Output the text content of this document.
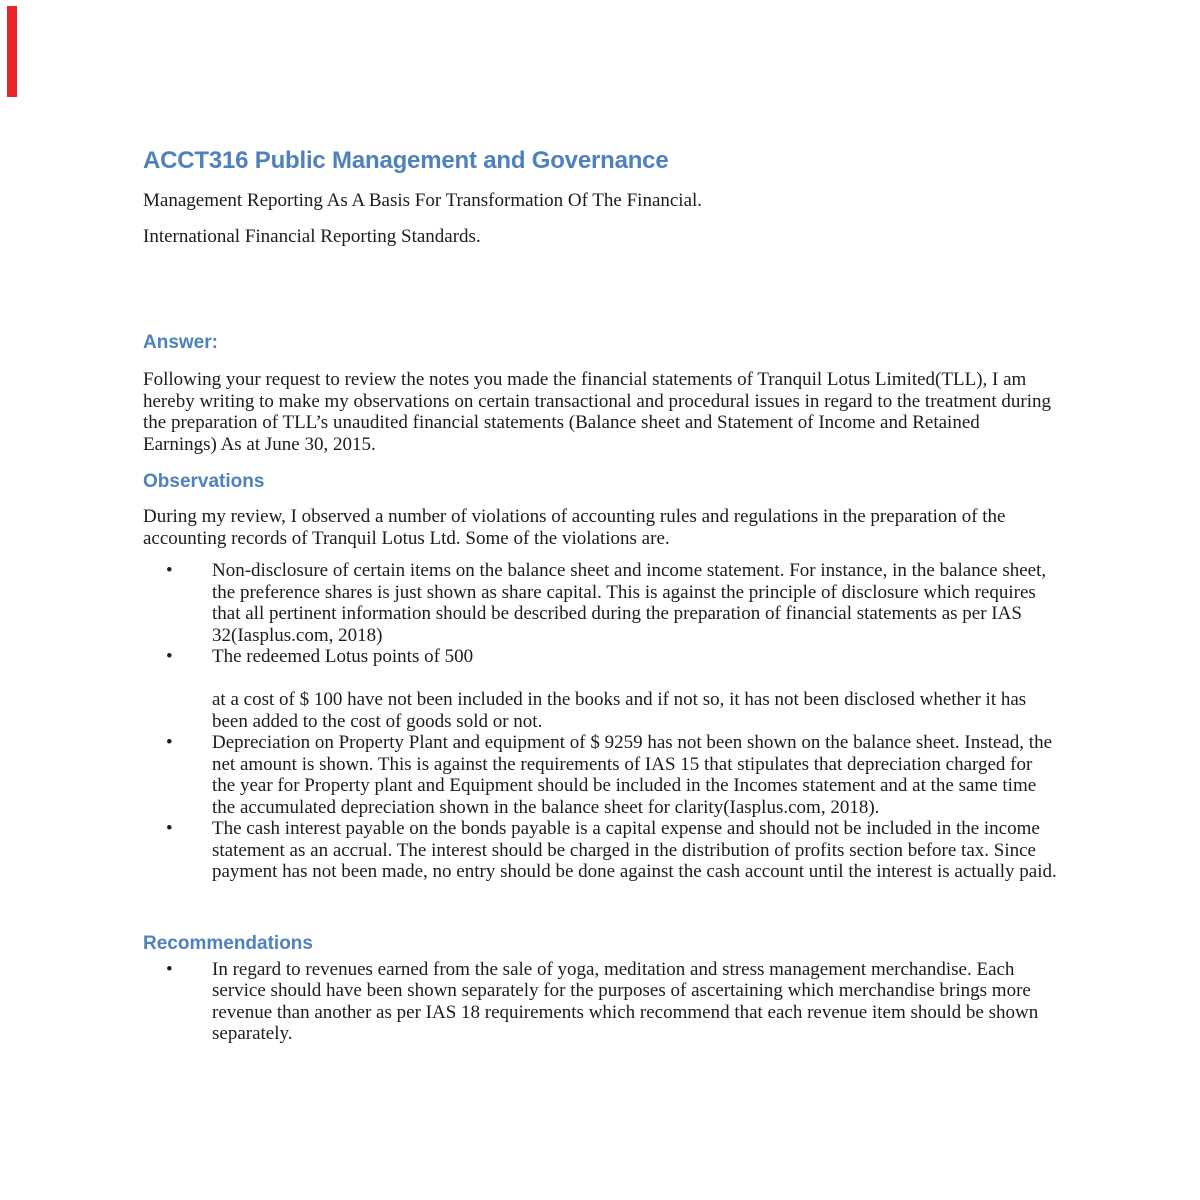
ACCT316 Public Management and Governance

Management Reporting As A Basis For Transformation Of The Financial.

International Financial Reporting Standards.

Answer:

Following your request to review the notes you made the financial statements of Tranquil Lotus Limited(TLL), I am hereby writing to make my observations on certain transactional and procedural issues in regard to the treatment during the preparation of TLL’s unaudited financial statements (Balance sheet and Statement of Income and Retained Earnings) As at June 30, 2015.

Observations

During my review, I observed a number of violations of accounting rules and regulations in the preparation of the accounting records of Tranquil Lotus Ltd. Some of the violations are.

• Non-disclosure of certain items on the balance sheet and income statement. For instance, in the balance sheet, the preference shares is just shown as share capital. This is against the principle of disclosure which requires that all pertinent information should be described during the preparation of financial statements as per IAS 32(Iasplus.com, 2018)
• The redeemed Lotus points of 500
at a cost of $ 100 have not been included in the books and if not so, it has not been disclosed whether it has been added to the cost of goods sold or not.
• Depreciation on Property Plant and equipment of $ 9259 has not been shown on the balance sheet. Instead, the net amount is shown. This is against the requirements of IAS 15 that stipulates that depreciation charged for the year for Property plant and Equipment should be included in the Incomes statement and at the same time the accumulated depreciation shown in the balance sheet for clarity(Iasplus.com, 2018).
• The cash interest payable on the bonds payable is a capital expense and should not be included in the income statement as an accrual. The interest should be charged in the distribution of profits section before tax. Since payment has not been made, no entry should be done against the cash account until the interest is actually paid.
Recommendations
• In regard to revenues earned from the sale of yoga, meditation and stress management merchandise. Each service should have been shown separately for the purposes of ascertaining which merchandise brings more revenue than another as per IAS 18 requirements which recommend that each revenue item should be shown separately.
